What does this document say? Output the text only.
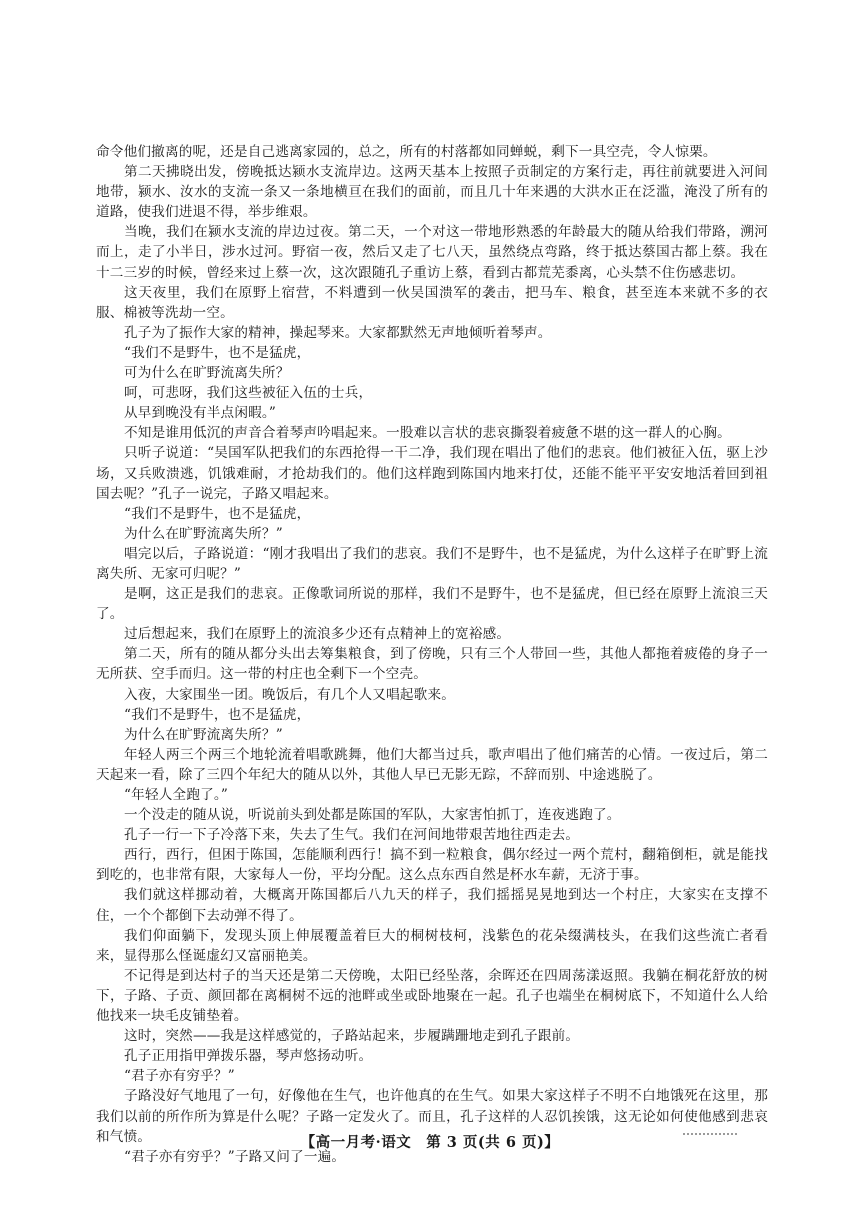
命令他们撤离的呢，还是自己逃离家园的，总之，所有的村落都如同蝉蜕，剩下一具空壳，令人惊栗。

第二天拂晓出发，傍晚抵达颍水支流岸边。这两天基本上按照子贡制定的方案行走，再往前就要进入河间地带，颍水、汝水的支流一条又一条地横亘在我们的面前，而且几十年来遇的大洪水正在泛滥，淹没了所有的道路，使我们进退不得，举步维艰。

当晚，我们在颍水支流的岸边过夜。第二天，一个对这一带地形熟悉的年龄最大的随从给我们带路，溯河而上，走了小半日，涉水过河。野宿一夜，然后又走了七八天，虽然绕点弯路，终于抵达蔡国古都上蔡。我在十二三岁的时候，曾经来过上蔡一次，这次跟随孔子重访上蔡，看到古都荒芜黍离，心头禁不住伤感悲切。

这天夜里，我们在原野上宿营，不料遭到一伙吴国溃军的袭击，把马车、粮食，甚至连本来就不多的衣服、棉被等洗劫一空。

孔子为了振作大家的精神，操起琴来。大家都默然无声地倾听着琴声。

“我们不是野牛，也不是猛虎，

可为什么在旷野流离失所？

呵，可悲呀，我们这些被征入伍的士兵，

从早到晚没有半点闲暇。”

不知是谁用低沉的声音合着琴声吟唱起来。一股难以言状的悲哀撕裂着疲惫不堪的这一群人的心胸。

只听子说道：“吴国军队把我们的东西抢得一干二净，我们现在唱出了他们的悲哀。他们被征入伍，驱上沙场，又兵败溃逃，饥饿难耐，才抢劫我们的。他们这样跑到陈国内地来打仗，还能不能平平安安地活着回到祖国去呢？”孔子一说完，子路又唱起来。

“我们不是野牛，也不是猛虎，

为什么在旷野流离失所？”

唱完以后，子路说道：“刚才我唱出了我们的悲哀。我们不是野牛，也不是猛虎，为什么这样子在旷野上流离失所、无家可归呢？”

是啊，这正是我们的悲哀。正像歌词所说的那样，我们不是野牛，也不是猛虎，但已经在原野上流浪三天了。

过后想起来，我们在原野上的流浪多少还有点精神上的宽裕感。

第二天，所有的随从都分头出去筹集粮食，到了傍晚，只有三个人带回一些，其他人都拖着疲倦的身子一无所获、空手而归。这一带的村庄也全剩下一个空壳。

入夜，大家围坐一团。晚饭后，有几个人又唱起歌来。

“我们不是野牛，也不是猛虎，

为什么在旷野流离失所？”

年轻人两三个两三个地轮流着唱歌跳舞，他们大都当过兵，歌声唱出了他们痛苦的心情。一夜过后，第二天起来一看，除了三四个年纪大的随从以外，其他人早已无影无踪，不辞而别、中途逃脱了。

“年轻人全跑了。”

一个没走的随从说，听说前头到处都是陈国的军队，大家害怕抓丁，连夜逃跑了。

孔子一行一下子冷落下来，失去了生气。我们在河间地带艰苦地往西走去。

西行，西行，但困于陈国，怎能顺利西行！搞不到一粒粮食，偶尔经过一两个荒村，翻箱倒柜，就是能找到吃的，也非常有限，大家每人一份，平均分配。这么点东西自然是杯水车薪，无济于事。

我们就这样挪动着，大概离开陈国都后八九天的样子，我们摇摇晃晃地到达一个村庄，大家实在支撑不住，一个个都倒下去动弹不得了。

我们仰面躺下，发现头顶上伸展覆盖着巨大的桐树枝柯，浅紫色的花朵缀满枝头，在我们这些流亡者看来，显得那么怪诞虚幻又富丽艳美。

不记得是到达村子的当天还是第二天傍晚，太阳已经坠落，余晖还在四周荡漾返照。我躺在桐花舒放的树下，子路、子贡、颜回都在离桐树不远的池畔或坐或卧地聚在一起。孔子也端坐在桐树底下，不知道什么人给他找来一块毛皮铺垫着。

这时，突然——我是这样感觉的，子路站起来，步履蹒跚地走到孔子跟前。

孔子正用指甲弹拨乐器，琴声悠扬动听。

“君子亦有穷乎？”

子路没好气地甩了一句，好像他在生气，也许他真的在生气。如果大家这样子不明不白地饿死在这里，那我们以前的所作所为算是什么呢？子路一定发火了。而且，孔子这样的人忍饥挨饿，这无论如何使他感到悲哀和气愤。

“君子亦有穷乎？”子路又问了一遍。

【高一月考·语文　第 3 页(共 6 页)】
